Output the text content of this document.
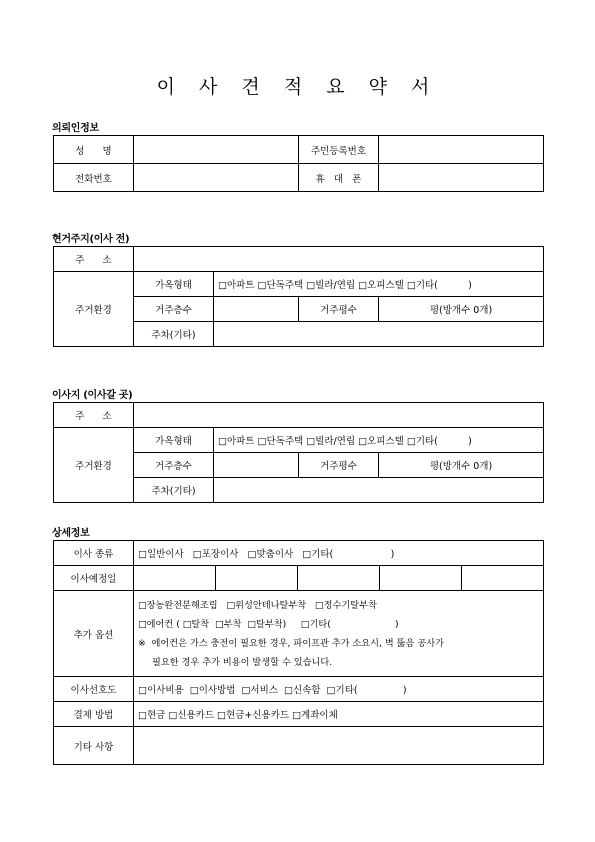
이 사 견 적 요 약 서
의뢰인정보
성      명		주민등록번호	
전화번호		휴   대   폰	
현거주지(이사 전)
주      소				
주거환경	가옥형태	□아파트 □단독주택 □빌라/연립 □오피스텔 □기타(          )		
	거주층수		거주평수	평(방개수 0개)
	주차(기타)			
이사지 (이사갈 곳)
주      소				
주거환경	가옥형태	□아파트 □단독주택 □빌라/연립 □오피스텔 □기타(          )		
	거주층수		거주평수	평(방개수 0개)
	주차(기타)			
상세정보
이사 종류	□일반이사   □포장이사   □맞춤이사   □기타(                   )				
이사예정일					
추가 옵션	□장농완전분해조립   □위성안테나탈부착   □정수기탈부착
□에어컨 ( □탈착  □부착  □탈부착)     □기타(                      )
※  에어컨은 가스 충전이 필요한 경우, 파이프관 추가 소요시, 벽 뚫음 공사가
필요한 경우 추가 비용이 발생할 수 있습니다.				

이사선호도	□이사비용  □이사방법  □서비스  □신속함  □기타(               )				
결제 방법	□현금 □신용카드 □현금+신용카드 □계좌이체				
기타 사항					
